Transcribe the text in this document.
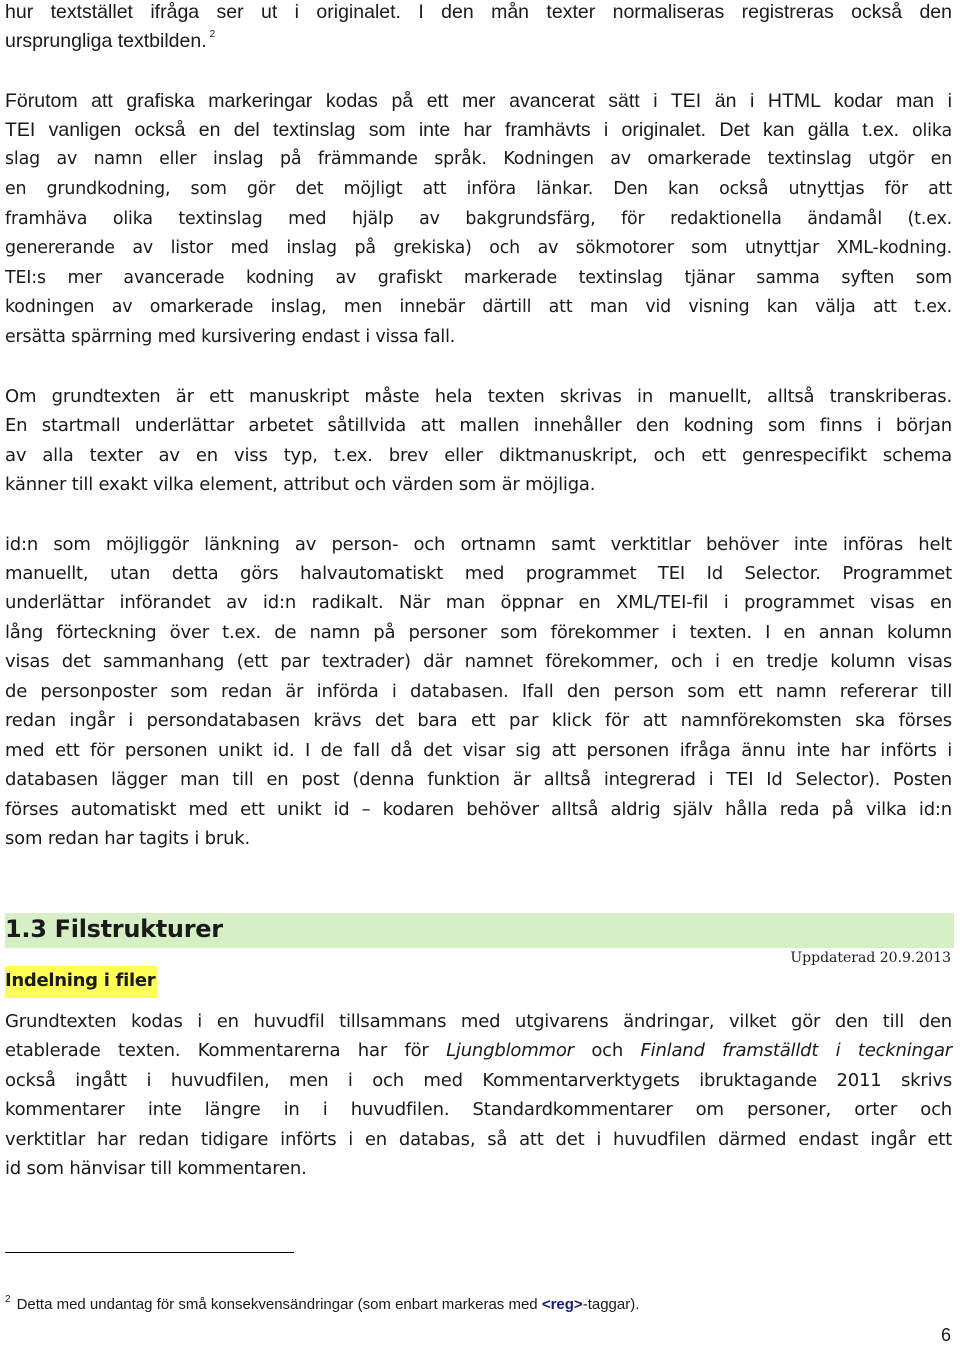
hur textstället ifråga ser ut i originalet. I den mån texter normaliseras registreras också den
ursprungliga textbilden. $^2$
Förutom att grafiska markeringar kodas på ett mer avancerat sätt i TEI än i HTML kodar man i
TEI vanligen också en del textinslag som inte har framhävts i originalet. Det kan gälla t.ex. olika
slag av namn eller inslag på främmande språk. Kodningen av omarkerade textinslag utgör en
en grundkodning, som gör det möjligt att införa länkar. Den kan också utnyttjas för att
framhäva olika textinslag med hjälp av bakgrundsfärg, för redaktionella ändamål (t.ex.
genererande av listor med inslag på grekiska) och av sökmotorer som utnyttjar XML-kodning.
TEI:s mer avancerade kodning av grafiskt markerade textinslag tjänar samma syften som
kodningen av omarkerade inslag, men innebär därtill att man vid visning kan välja att t.ex.
ersätta spärrning med kursivering endast i vissa fall.
Om grundtexten är ett manuskript måste hela texten skrivas in manuellt, alltså transkriberas.
En startmall underlättar arbetet såtillvida att mallen innehåller den kodning som finns i början
av alla texter av en viss typ, t.ex. brev eller diktmanuskript, och ett genrespecifikt schema
känner till exakt vilka element, attribut och värden som är möjliga.
id:n som möjliggör länkning av person- och ortnamn samt verktitlar behöver inte införas helt
manuellt, utan detta görs halvautomatiskt med programmet TEI Id Selector. Programmet
underlättar införandet av id:n radikalt. När man öppnar en XML/TEI-fil i programmet visas en
lång förteckning över t.ex. de namn på personer som förekommer i texten. I en annan kolumn
visas det sammanhang (ett par textrader) där namnet förekommer, och i en tredje kolumn visas
de personposter som redan är införda i databasen. Ifall den person som ett namn refererar till
redan ingår i persondatabasen krävs det bara ett par klick för att namnförekomsten ska förses
med ett för personen unikt id. I de fall då det visar sig att personen ifråga ännu inte har införts i
databasen lägger man till en post (denna funktion är alltså integrerad i TEI Id Selector). Posten
förses automatiskt med ett unikt id – kodaren behöver alltså aldrig själv hålla reda på vilka id:n
som redan har tagits i bruk.
1.3 Filstrukturer
Uppdaterad 20.9.2013
Indelning i filer
Grundtexten kodas i en huvudfil tillsammans med utgivarens ändringar, vilket gör den till den
etablerade texten. Kommentarerna har för Ljungblommor och Finland framställdt i teckningar
också ingått i huvudfilen, men i och med Kommentarverktygets ibruktagande 2011 skrivs
kommentarer inte längre in i huvudfilen. Standardkommentarer om personer, orter och
verktitlar har redan tidigare införts i en databas, så att det i huvudfilen därmed endast ingår ett
id som hänvisar till kommentaren.
$^2$ Detta med undantag för små konsekvensändringar (som enbart markeras med <reg>-taggar).
6
